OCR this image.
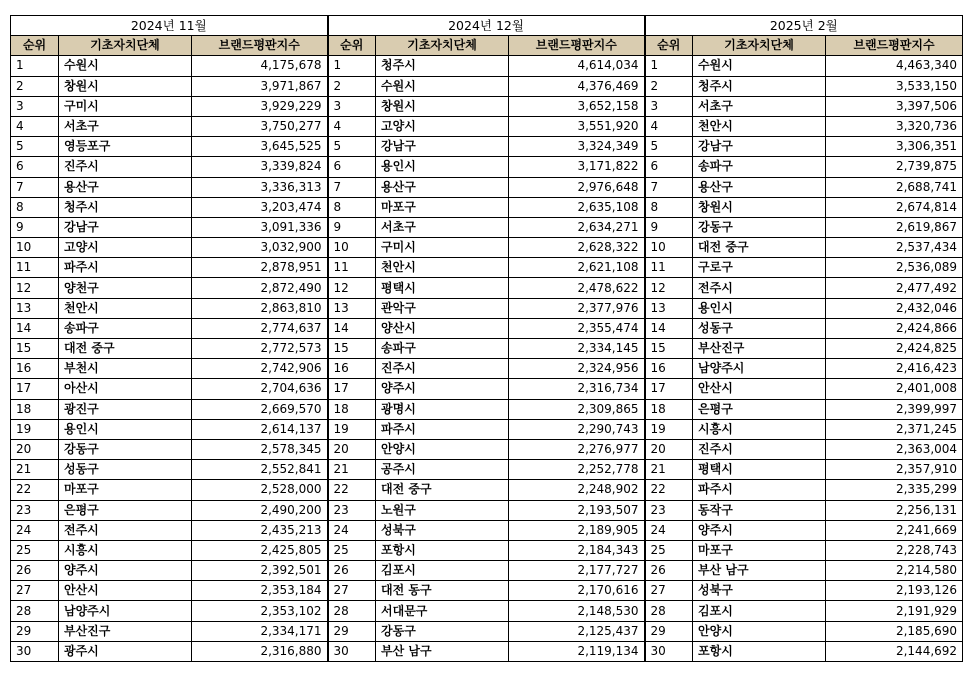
2024년 11월			2024년 12월			2025년 2월		
순위	기초자치단체	브랜드평판지수	순위	기초자치단체	브랜드평판지수	순위	기초자치단체	브랜드평판지수
1	수원시	4,175,678	1	청주시	4,614,034	1	수원시	4,463,340
2	창원시	3,971,867	2	수원시	4,376,469	2	청주시	3,533,150
3	구미시	3,929,229	3	창원시	3,652,158	3	서초구	3,397,506
4	서초구	3,750,277	4	고양시	3,551,920	4	천안시	3,320,736
5	영등포구	3,645,525	5	강남구	3,324,349	5	강남구	3,306,351
6	진주시	3,339,824	6	용인시	3,171,822	6	송파구	2,739,875
7	용산구	3,336,313	7	용산구	2,976,648	7	용산구	2,688,741
8	청주시	3,203,474	8	마포구	2,635,108	8	창원시	2,674,814
9	강남구	3,091,336	9	서초구	2,634,271	9	강동구	2,619,867
10	고양시	3,032,900	10	구미시	2,628,322	10	대전 중구	2,537,434
11	파주시	2,878,951	11	천안시	2,621,108	11	구로구	2,536,089
12	양천구	2,872,490	12	평택시	2,478,622	12	전주시	2,477,492
13	천안시	2,863,810	13	관악구	2,377,976	13	용인시	2,432,046
14	송파구	2,774,637	14	양산시	2,355,474	14	성동구	2,424,866
15	대전 중구	2,772,573	15	송파구	2,334,145	15	부산진구	2,424,825
16	부천시	2,742,906	16	진주시	2,324,956	16	남양주시	2,416,423
17	아산시	2,704,636	17	양주시	2,316,734	17	안산시	2,401,008
18	광진구	2,669,570	18	광명시	2,309,865	18	은평구	2,399,997
19	용인시	2,614,137	19	파주시	2,290,743	19	시흥시	2,371,245
20	강동구	2,578,345	20	안양시	2,276,977	20	진주시	2,363,004
21	성동구	2,552,841	21	공주시	2,252,778	21	평택시	2,357,910
22	마포구	2,528,000	22	대전 중구	2,248,902	22	파주시	2,335,299
23	은평구	2,490,200	23	노원구	2,193,507	23	동작구	2,256,131
24	전주시	2,435,213	24	성북구	2,189,905	24	양주시	2,241,669
25	시흥시	2,425,805	25	포항시	2,184,343	25	마포구	2,228,743
26	양주시	2,392,501	26	김포시	2,177,727	26	부산 남구	2,214,580
27	안산시	2,353,184	27	대전 동구	2,170,616	27	성북구	2,193,126
28	남양주시	2,353,102	28	서대문구	2,148,530	28	김포시	2,191,929
29	부산진구	2,334,171	29	강동구	2,125,437	29	안양시	2,185,690
30	광주시	2,316,880	30	부산 남구	2,119,134	30	포항시	2,144,692
